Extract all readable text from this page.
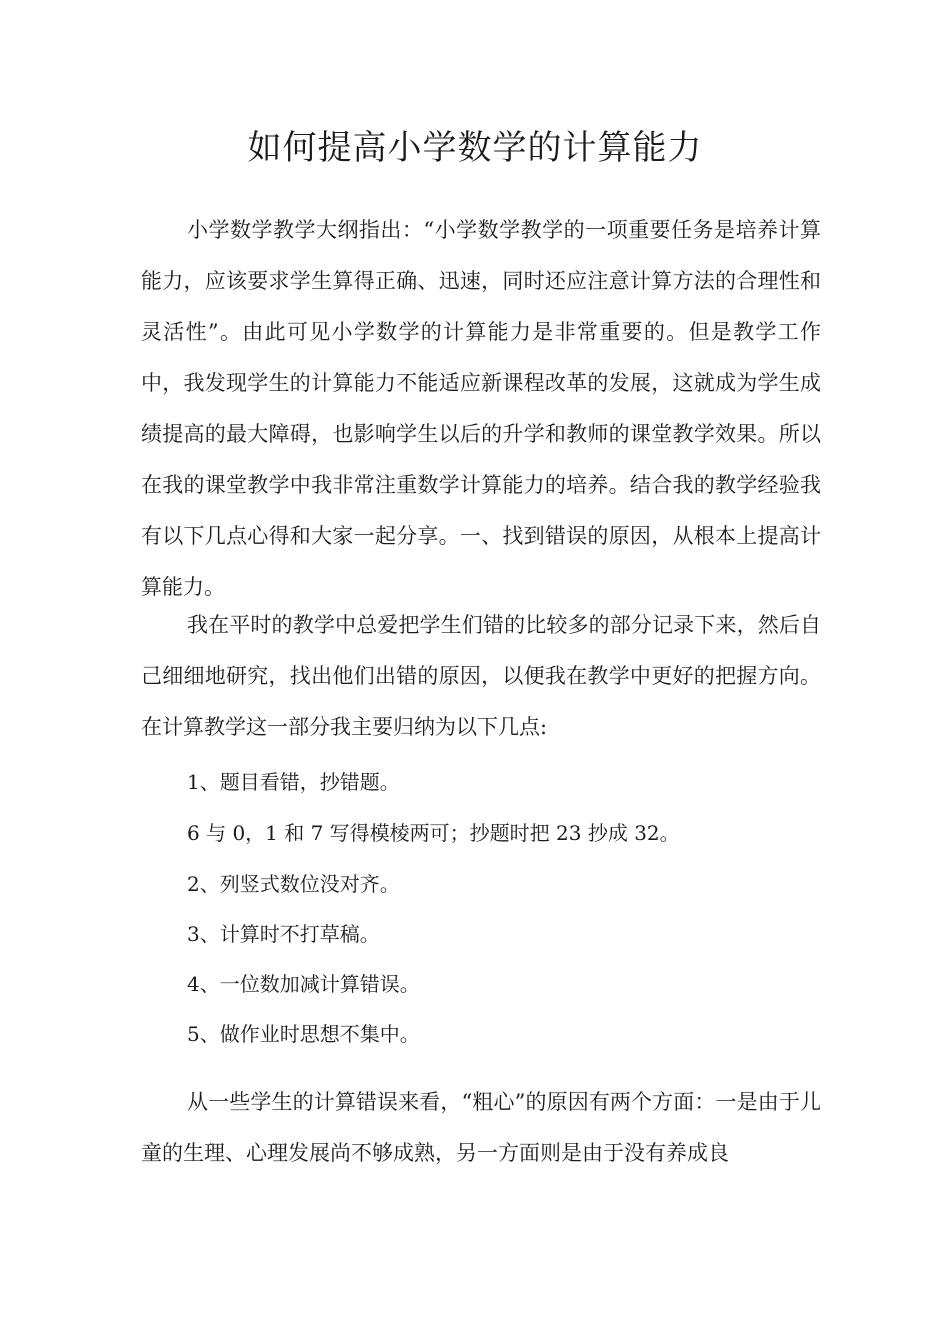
如何提高小学数学的计算能力

小学数学教学大纲指出：“小学数学教学的一项重要任务是培养计算能力，应该要求学生算得正确、迅速，同时还应注意计算方法的合理性和灵活性”。由此可见小学数学的计算能力是非常重要的。但是教学工作中，我发现学生的计算能力不能适应新课程改革的发展，这就成为学生成绩提高的最大障碍，也影响学生以后的升学和教师的课堂教学效果。所以在我的课堂教学中我非常注重数学计算能力的培养。结合我的教学经验我有以下几点心得和大家一起分享。一、找到错误的原因，从根本上提高计算能力。

我在平时的教学中总爱把学生们错的比较多的部分记录下来，然后自己细细地研究，找出他们出错的原因，以便我在教学中更好的把握方向。在计算教学这一部分我主要归纳为以下几点:

1、题目看错，抄错题。
6 与 0，1 和 7 写得模棱两可；抄题时把 23 抄成 32。
2、列竖式数位没对齐。
3、计算时不打草稿。
4、一位数加减计算错误。
5、做作业时思想不集中。

从一些学生的计算错误来看，“粗心”的原因有两个方面：一是由于儿童的生理、心理发展尚不够成熟，另一方面则是由于没有养成良
